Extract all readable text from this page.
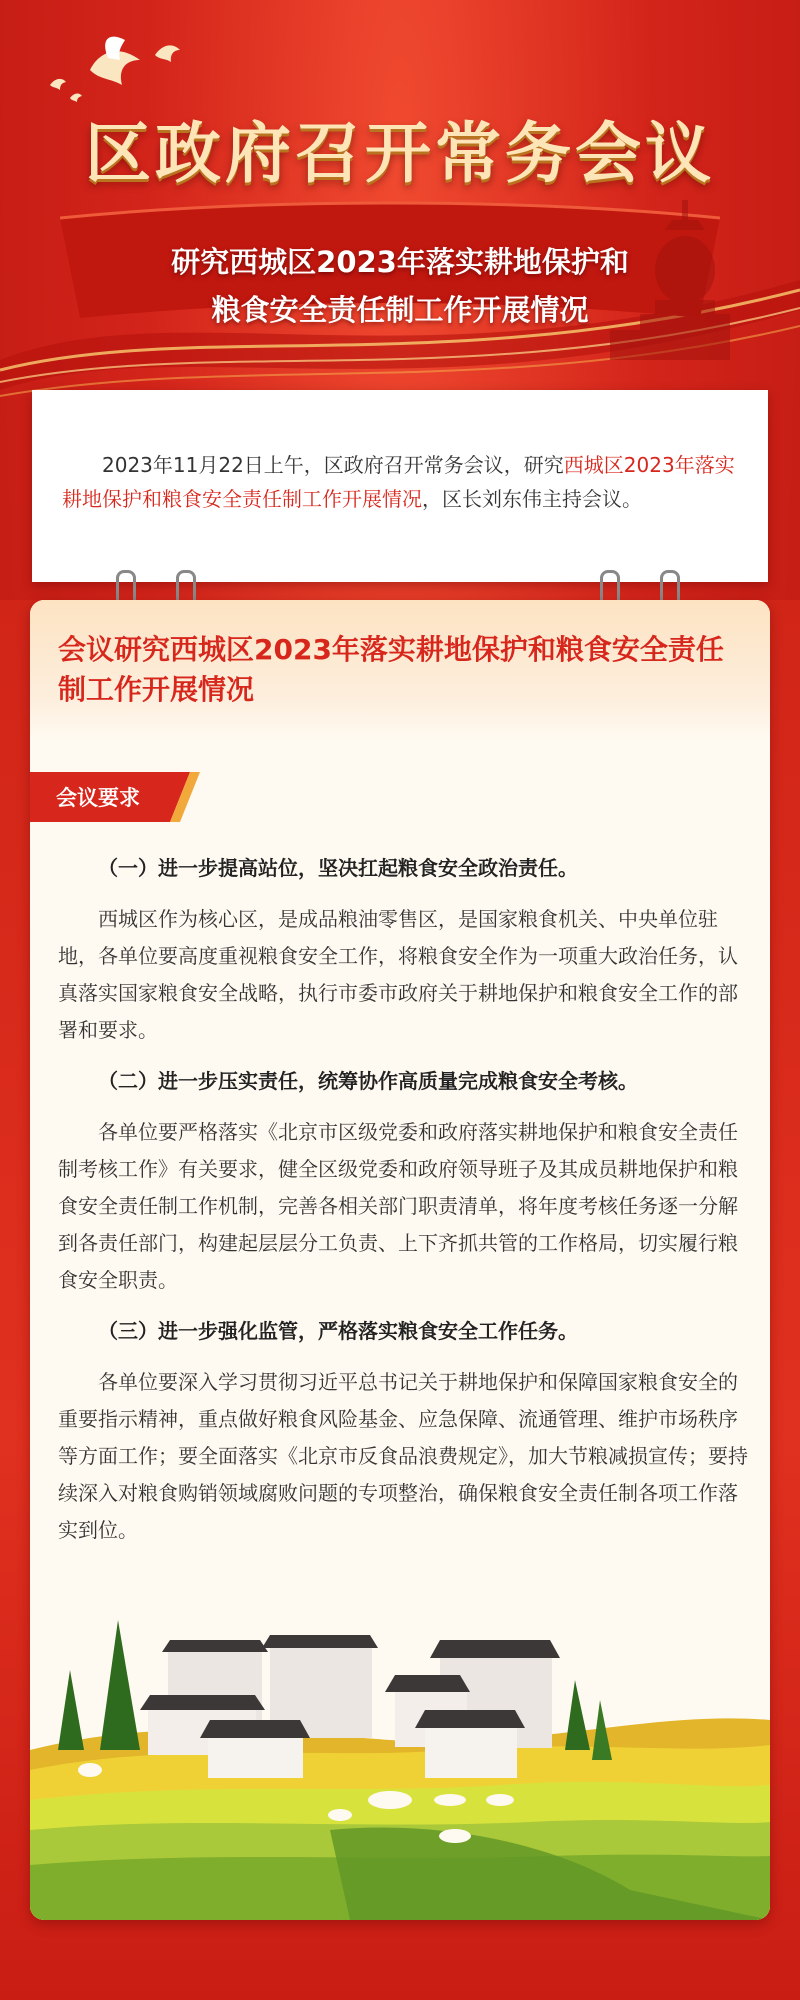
区政府召开常务会议
研究西城区2023年落实耕地保护和
粮食安全责任制工作开展情况
2023年11月22日上午，区政府召开常务会议，研究西城区2023年落实耕地保护和粮食安全责任制工作开展情况，区长刘东伟主持会议。
会议研究西城区2023年落实耕地保护和粮食安全责任制工作开展情况
会议要求
（一）进一步提高站位，坚决扛起粮食安全政治责任。

西城区作为核心区，是成品粮油零售区，是国家粮食机关、中央单位驻地，各单位要高度重视粮食安全工作，将粮食安全作为一项重大政治任务，认真落实国家粮食安全战略，执行市委市政府关于耕地保护和粮食安全工作的部署和要求。

（二）进一步压实责任，统筹协作高质量完成粮食安全考核。

各单位要严格落实《北京市区级党委和政府落实耕地保护和粮食安全责任制考核工作》有关要求，健全区级党委和政府领导班子及其成员耕地保护和粮食安全责任制工作机制，完善各相关部门职责清单，将年度考核任务逐一分解到各责任部门，构建起层层分工负责、上下齐抓共管的工作格局，切实履行粮食安全职责。

（三）进一步强化监管，严格落实粮食安全工作任务。

各单位要深入学习贯彻习近平总书记关于耕地保护和保障国家粮食安全的重要指示精神，重点做好粮食风险基金、应急保障、流通管理、维护市场秩序等方面工作；要全面落实《北京市反食品浪费规定》，加大节粮减损宣传；要持续深入对粮食购销领域腐败问题的专项整治，确保粮食安全责任制各项工作落实到位。
